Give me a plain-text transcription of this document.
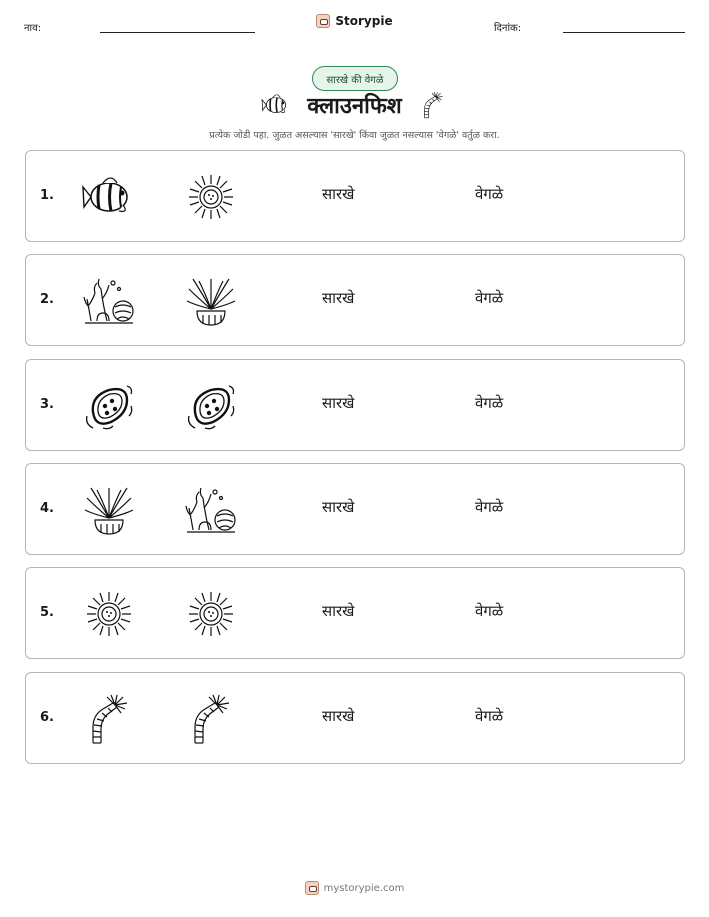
नाव:
Storypie
दिनांक:
सारखे की वेगळे
क्लाउनफिश
प्रत्येक जोडी पहा. जुळत असल्यास 'सारखे' किंवा जुळत नसल्यास 'वेगळे' वर्तुळ करा.
1.	सारखे	वेगळे
2.	सारखे	वेगळे
3.	सारखे	वेगळे
4.	सारखे	वेगळे
5.	सारखे	वेगळे
6.	सारखे	वेगळे
mystorypie.com
